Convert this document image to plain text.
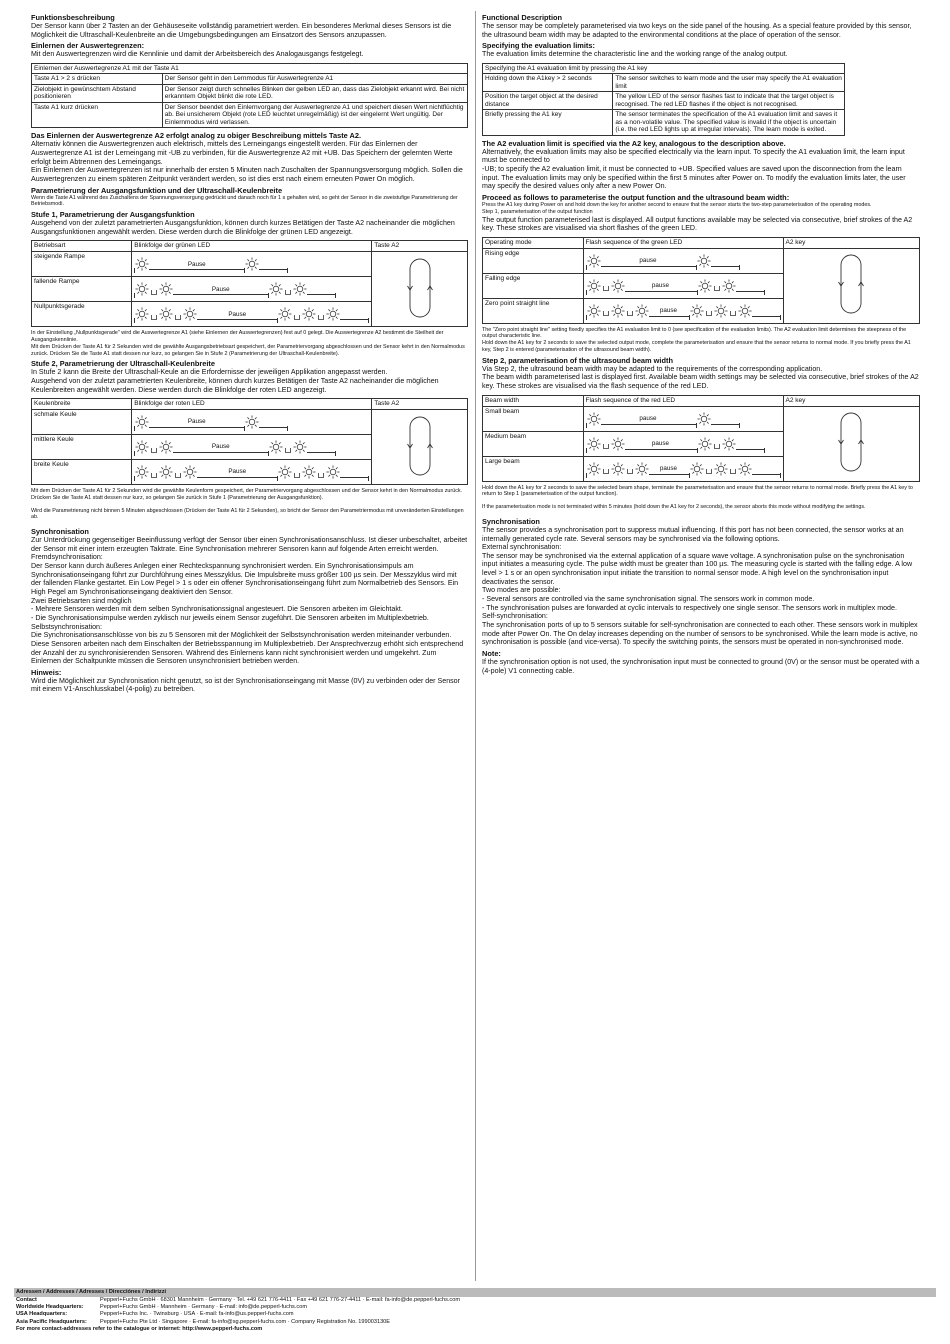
Funktionsbeschreibung

Der Sensor kann über 2 Tasten an der Gehäuseseite vollständig parametriert werden. Ein besonderes Merkmal dieses Sensors ist die Möglichkeit die Ultraschall-Keulenbreite an die Umgebungsbedingungen am Einsatzort des Sensors anzupassen.

Einlernen der Auswertegrenzen:

Mit den Auswertegrenzen wird die Kennlinie und damit der Arbeitsbereich des Analogausgangs festgelegt.

Einlernen der Auswertegrenze A1 mit der Taste A1	
Taste A1 > 2 s drücken	Der Sensor geht in den Lernmodus für Auswertegrenze A1
Zielobjekt in gewünschtem Abstand positionieren	Der Sensor zeigt durch schnelles Blinken der gelben LED an, dass das Zielobjekt erkannt wird. Bei nicht erkanntem Objekt blinkt die rote LED.
Taste A1 kurz drücken	Der Sensor beendet den Einlernvorgang der Auswertegrenze A1 und speichert diesen Wert nichtflüchtig ab. Bei unsicherem Objekt (rote LED leuchtet unregelmäßig) ist der eingelernt Wert ungültig. Der Einlernmodus wird verlassen.
Das Einlernen der Auswertegrenze A2 erfolgt analog zu obiger Beschreibung mittels Taste A2.

Alternativ können die Auswertegrenzen auch elektrisch, mittels des Lerneingangs eingestellt werden. Für das Einlernen der Auswertegrenze A1 ist der Lerneingang mit -UB zu verbinden, für die Auswertegrenze A2 mit +UB. Das Speichern der gelernten Werte erfolgt beim Abtrennen des Lerneingangs.

Ein Einlernen der Auswertegrenzen ist nur innerhalb der ersten 5 Minuten nach Zuschalten der Spannungsversorgung möglich. Sollen die Auswertegrenzen zu einem späteren Zeitpunkt verändert werden, so ist dies erst nach einem erneuten Power On möglich.

Parametrierung der Ausgangsfunktion und der Ultraschall-Keulenbreite

Wenn die Taste A1 während des Zuschaltens der Spannungsversorgung gedrückt und danach noch für 1 s gehalten wird, so geht der Sensor in die zweistufige Parametrierung der Betriebsmodi.

Stufe 1, Parametrierung der Ausgangsfunktion

Ausgehend von der zuletzt parametrierten Ausgangsfunktion, können durch kurzes Betätigen der Taste A2 nacheinander die möglichen Ausgangsfunktionen angewählt werden. Diese werden durch die Blinkfolge der grünen LED angezeigt.

Betriebsart	Blinkfolge der grünen LED	Taste A2
steigende Rampe	Pause

fallende Rampe	Pause	

Nullpunktsgerade	Pause	

In der Einstellung „Nullpunktsgerade" wird die Auswertegrenze A1 (siehe Einlernen der Auswertegrenzen) fest auf 0 gelegt. Die Auswertegrenze A2 bestimmt die Steilheit der Ausgangskennlinie.

Mit dem Drücken der Taste A1 für 2 Sekunden wird die gewählte Ausgangsbetriebsart gespeichert, der Parametriervorgang abgeschlossen und der Sensor kehrt in den Normalmodus zurück. Drücken Sie die Taste A1 statt dessen nur kurz, so gelangen Sie in Stufe 2 (Parametrierung der Ultraschall-Keulenbreite).

Stufe 2, Parametrierung der Ultraschall-Keulenbreite

In Stufe 2 kann die Breite der Ultraschall-Keule an die Erfordernisse der jeweiligen Applikation angepasst werden.

Ausgehend von der zuletzt parametrierten Keulenbreite, können durch kurzes Betätigen der Taste A2 nacheinander die möglichen Keulenbreiten angewählt werden. Diese werden durch die Blinkfolge der roten LED angezeigt.

Keulenbreite	Blinkfolge der roten LED	Taste A2
schmale Keule	Pause

mittlere Keule	Pause	

breite Keule	Pause	

Mit dem Drücken der Taste A1 für 2 Sekunden wird die gewählte Keulenform gespeichert, der Parametriervorgang abgeschlossen und der Sensor kehrt in den Normalmodus zurück. Drücken Sie die Taste A1 statt dessen nur kurz, so gelangen Sie zurück in Stufe 1 (Parametrierung der Ausgangsfunktion).

Wird die Parametrierung nicht binnen 5 Minuten abgeschlossen (Drücken der Taste A1 für 2 Sekunden), so bricht der Sensor den Parametriermodus mit unveränderten Einstellungen ab.

Synchronisation

Zur Unterdrückung gegenseitiger Beeinflussung verfügt der Sensor über einen Synchronisationsanschluss. Ist dieser unbeschaltet, arbeitet der Sensor mit einer intern erzeugten Taktrate. Eine Synchronisation mehrerer Sensoren kann auf folgende Arten erreicht werden.

Fremdsynchronisation:

Der Sensor kann durch äußeres Anlegen einer Rechteckspannung synchronisiert werden. Ein Synchronisationsimpuls am Synchronisationseingang führt zur Durchführung eines Messzyklus. Die Impulsbreite muss größer 100 µs sein. Der Messzyklus wird mit der fallenden Flanke gestartet. Ein Low Pegel > 1 s oder ein offener Synchronisationseingang führt zum Normalbetrieb des Sensors. Ein High Pegel am Synchronisationseingang deaktiviert den Sensor.

Zwei Betriebsarten sind möglich

- Mehrere Sensoren werden mit dem selben Synchronisationssignal angesteuert. Die Sensoren arbeiten im Gleichtakt.

- Die Synchronisationsimpulse werden zyklisch nur jeweils einem Sensor zugeführt. Die Sensoren arbeiten im Multiplexbetrieb.

Selbstsynchronisation:

Die Synchronisationsanschlüsse von bis zu 5 Sensoren mit der Möglichkeit der Selbstsynchronisation werden miteinander verbunden. Diese Sensoren arbeiten nach dem Einschalten der Betriebsspannung im Multiplexbetrieb. Der Ansprechverzug erhöht sich entsprechend der Anzahl der zu synchronisierenden Sensoren. Während des Einlernens kann nicht synchronisiert werden und umgekehrt. Zum Einlernen der Schaltpunkte müssen die Sensoren unsynchronisiert betrieben werden.

Hinweis:

Wird die Möglichkeit zur Synchronisation nicht genutzt, so ist der Synchronisationseingang mit Masse (0V) zu verbinden oder der Sensor mit einem V1-Anschlusskabel (4-polig) zu betreiben.

Functional Description

The sensor may be completely parameterised via two keys on the side panel of the housing. As a special feature provided by this sensor, the ultrasound beam width may be adapted to the environmental conditions at the place of operation of the sensor.

Specifying the evaluation limits:

The evaluation limits determine the characteristic line and the working range of the analog output.

Specifying the A1 evaluation limit by pressing the A1 key	
Holding down the A1key > 2 seconds	The sensor switches to learn mode and the user may specify the A1 evaluation limit
Position the target object at the desired distance	The yellow LED of the sensor flashes fast to indicate that the target object is recognised. The red LED flashes if the object is not recognised.
Briefly pressing the A1 key	The sensor terminates the specification of the A1 evaluation limit and saves it as a non-volatile value. The specified value is invalid if the object is uncertain (i.e. the red LED lights up at irregular intervals). The learn mode is exited.
The A2 evaluation limit is specified via the A2 key, analogous to the description above.

Alternatively, the evaluation limits may also be specified electrically via the learn input. To specify the A1 evaluation limit, the learn input must be connected to

-UB; to specify the A2 evaluation limit, it must be connected to +UB. Specified values are saved upon the disconnection from the learn input. The evaluation limits may only be specified within the first 5 minutes after Power on. To modify the evaluation limits later, the user may specify the desired values only after a new Power On.

Proceed as follows to parameterise the output function and the ultrasound beam width:

Press the A1 key during Power on and hold down the key for another second to ensure that the sensor starts the two-step parameterisation of the operating modes.

Step 1, parameterisation of the output function

The output function parameterised last is displayed. All output functions available may be selected via consecutive, brief strokes of the A2 key. These strokes are visualised via short flashes of the green LED.

Operating mode	Flash sequence of the green LED	A2 key
Rising edge	pause

Falling edge	pause	

Zero point straight line	pause	

The "Zero point straight line" setting fixedly specifies the A1 evaluation limit to 0 (see specification of the evaluation limits). The A2 evaluation limit determines the steepness of the output characteristic line.

Hold down the A1 key for 2 seconds to save the selected output mode, complete the parameterisation and ensure that the sensor returns to normal mode. If you briefly press the A1 key, Step 2 is entered (parameterisation of the ultrasound beam width).

Step 2, parameterisation of the ultrasound beam width

Via Step 2, the ultrasound beam width may be adapted to the requirements of the corresponding application.

The beam width parameterised last is displayed first. Available beam width settings may be selected via consecutive, brief strokes of the A2 key. These strokes are visualised via the flash sequence of the red LED.

Beam width	Flash sequence of the red LED	A2 key
Small beam	pause

Medium beam	pause	

Large beam	pause	

Hold down the A1 key for 2 seconds to save the selected beam shape, terminate the parameterisation and ensure that the sensor returns to normal mode. Briefly press the A1 key to return to Step 1 (parameterisation of the output function).

If the parameterisation mode is not terminated within 5 minutes (hold down the A1 key for 2 seconds), the sensor aborts this mode without modifying the settings.

Synchronisation

The sensor provides a synchronisation port to suppress mutual influencing. If this port has not been connected, the sensor works at an internally generated cycle rate. Several sensors may be synchronised via the following options.

External synchronisation:

The sensor may be synchronised via the external application of a square wave voltage. A synchronisation pulse on the synchronisation input initiates a measuring cycle. The pulse width must be greater than 100 µs. The measuring cycle is started with the falling edge. A low level > 1 s or an open synchronisation input initiate the transition to normal sensor mode. A high level on the synchronisation input deactivates the sensor.

Two modes are possible:

- Several sensors are controlled via the same synchronisation signal. The sensors work in common mode.

- The synchronisation pulses are forwarded at cyclic intervals to respectively one single sensor. The sensors work in multiplex mode.

Self-synchronisation:

The synchronisation ports of up to 5 sensors suitable for self-synchronisation are connected to each other. These sensors work in multiplex mode after Power On. The On delay increases depending on the number of sensors to be synchronised. While the learn mode is active, no synchronisation is possible (and vice-versa). To specify the switching points, the sensors must be operated in non-synchronised mode.

Note:

If the synchronisation option is not used, the synchronisation input must be connected to ground (0V) or the sensor must be operated with a (4-pole) V1 connecting cable.

Adressen / Addresses / Adresses / Direcciónes / Indirizzi
Contact	Pepperl+Fuchs GmbH · 68301 Mannheim · Germany · Tel. +49 621 776-4411 · Fax +49 621 776-27-4411 · E-mail: fa-info@de.pepperl-fuchs.com
Worldwide Headquarters:	Pepperl+Fuchs GmbH · Mannheim · Germany · E-mail: info@de.pepperl-fuchs.com
USA Headquarters:	Pepperl+Fuchs Inc. · Twinsburg · USA · E-mail: fa-info@us.pepperl-fuchs.com
Asia Pacific Headquarters:	Pepperl+Fuchs Pte Ltd · Singapore · E-mail: fa-info@sg.pepperl-fuchs.com · Company Registration No. 199003130E
For more contact-addresses refer to the catalogue or internet: http://www.pepperl-fuchs.com
